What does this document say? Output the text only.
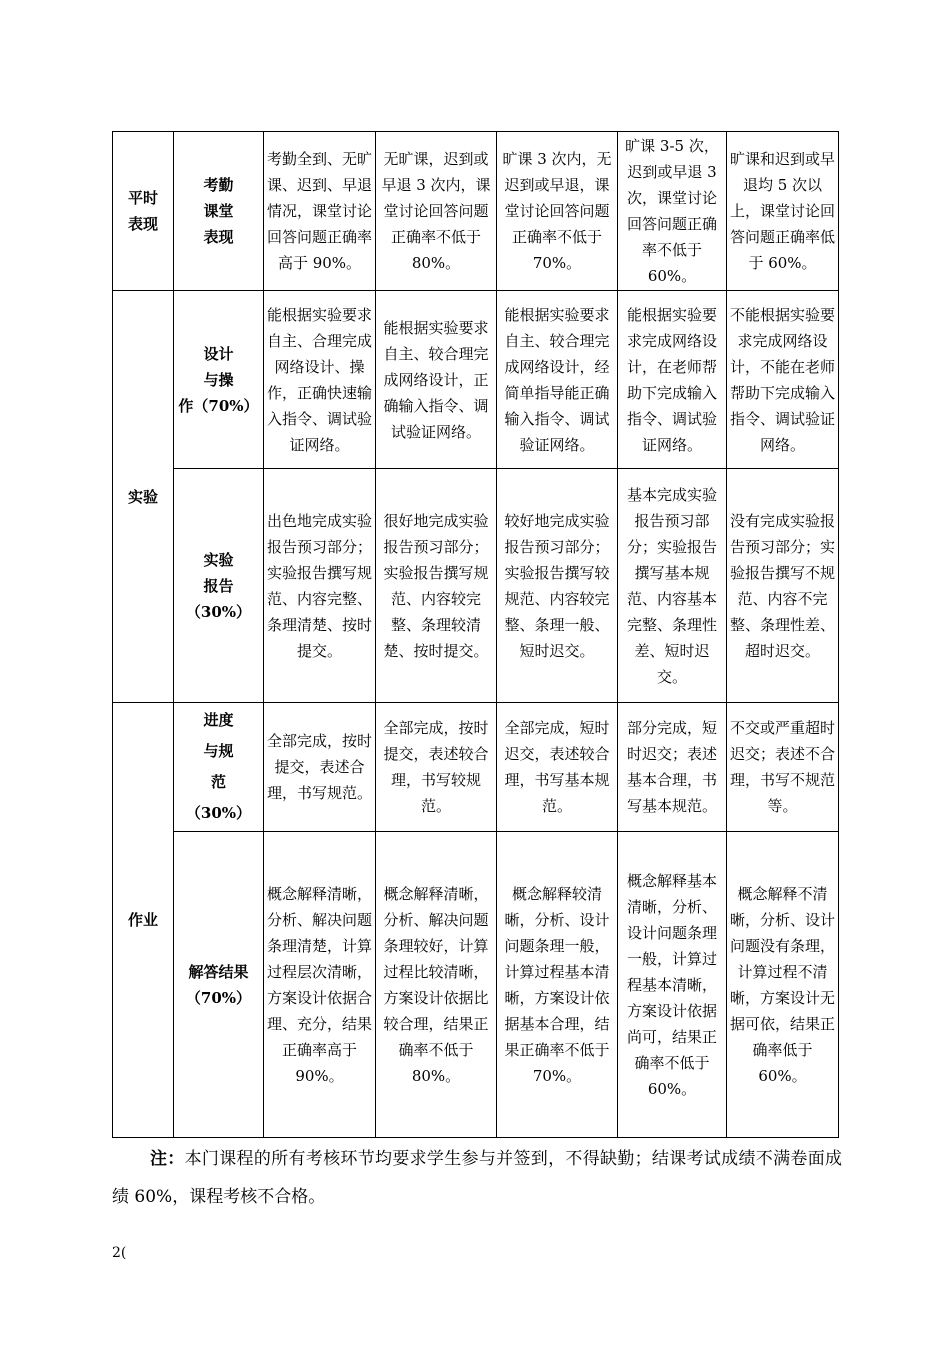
平时
表现	考勤
课堂
表现	考勤全到、无旷课、迟到、早退情况，课堂讨论回答问题正确率高于 90%。	无旷课，迟到或早退 3 次内，课堂讨论回答问题正确率不低于 80%。	旷课 3 次内，无迟到或早退，课堂讨论回答问题正确率不低于 70%。	旷课 3-5 次，迟到或早退 3 次，课堂讨论回答问题正确率不低于 60%。	旷课和迟到或早退均 5 次以上，课堂讨论回答问题正确率低于 60%。
实验	设计
与操
作（70%）	能根据实验要求自主、合理完成网络设计、操作，正确快速输入指令、调试验证网络。	能根据实验要求自主、较合理完成网络设计，正确输入指令、调试验证网络。	能根据实验要求自主、较合理完成网络设计，经简单指导能正确输入指令、调试验证网络。	能根据实验要求完成网络设计，在老师帮助下完成输入指令、调试验证网络。	不能根据实验要求完成网络设计，不能在老师帮助下完成输入指令、调试验证网络。
	实验
报告
（30%）	出色地完成实验报告预习部分；实验报告撰写规范、内容完整、条理清楚、按时提交。	很好地完成实验报告预习部分；实验报告撰写规范、内容较完整、条理较清楚、按时提交。	较好地完成实验报告预习部分；实验报告撰写较规范、内容较完整、条理一般、短时迟交。	基本完成实验报告预习部分；实验报告撰写基本规范、内容基本完整、条理性差、短时迟交。	没有完成实验报告预习部分；实验报告撰写不规范、内容不完整、条理性差、超时迟交。
作业	进度
与规
范
（30%）	全部完成，按时提交，表述合理，书写规范。	全部完成，按时提交，表述较合理，书写较规范。	全部完成，短时迟交，表述较合理，书写基本规范。	部分完成，短时迟交；表述基本合理，书写基本规范。	不交或严重超时迟交；表述不合理，书写不规范等。
	解答结果
（70%）	概念解释清晰，分析、解决问题条理清楚，计算过程层次清晰，方案设计依据合理、充分，结果正确率高于 90%。	概念解释清晰，分析、解决问题条理较好，计算过程比较清晰，方案设计依据比较合理，结果正确率不低于 80%。	概念解释较清晰，分析、设计问题条理一般，计算过程基本清晰，方案设计依据基本合理，结果正确率不低于 70%。	概念解释基本清晰，分析、设计问题条理一般，计算过程基本清晰，方案设计依据尚可，结果正确率不低于 60%。	概念解释不清晰，分析、设计问题没有条理，计算过程不清晰，方案设计无据可依，结果正确率低于 60%。

注：本门课程的所有考核环节均要求学生参与并签到，不得缺勤；结课考试成绩不满卷面成绩 60%，课程考核不合格。

2(
